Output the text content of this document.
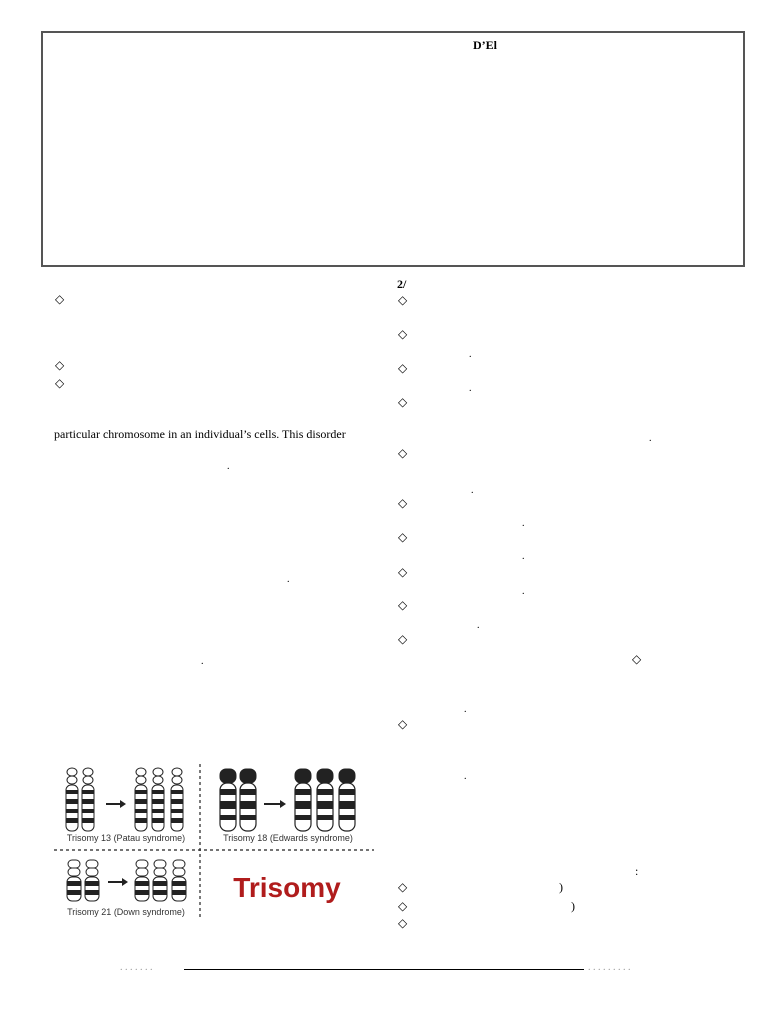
D’El
◇
◇
◇
particular chromosome in an individual’s cells. This disorder
.
.
.
2/
◇
◇
.
◇
.
◇
.
◇
.
◇
.
◇
.
◇
.
◇
.
◇
◇
.
◇
.
:
◇	)
◇	)
◇
Trisomy 13 (Patau syndrome)	Trisomy 18 (Edwards syndrome)
Trisomy 21 (Down syndrome)
Trisomy
. . . . . . .	. . . . . . . . .
